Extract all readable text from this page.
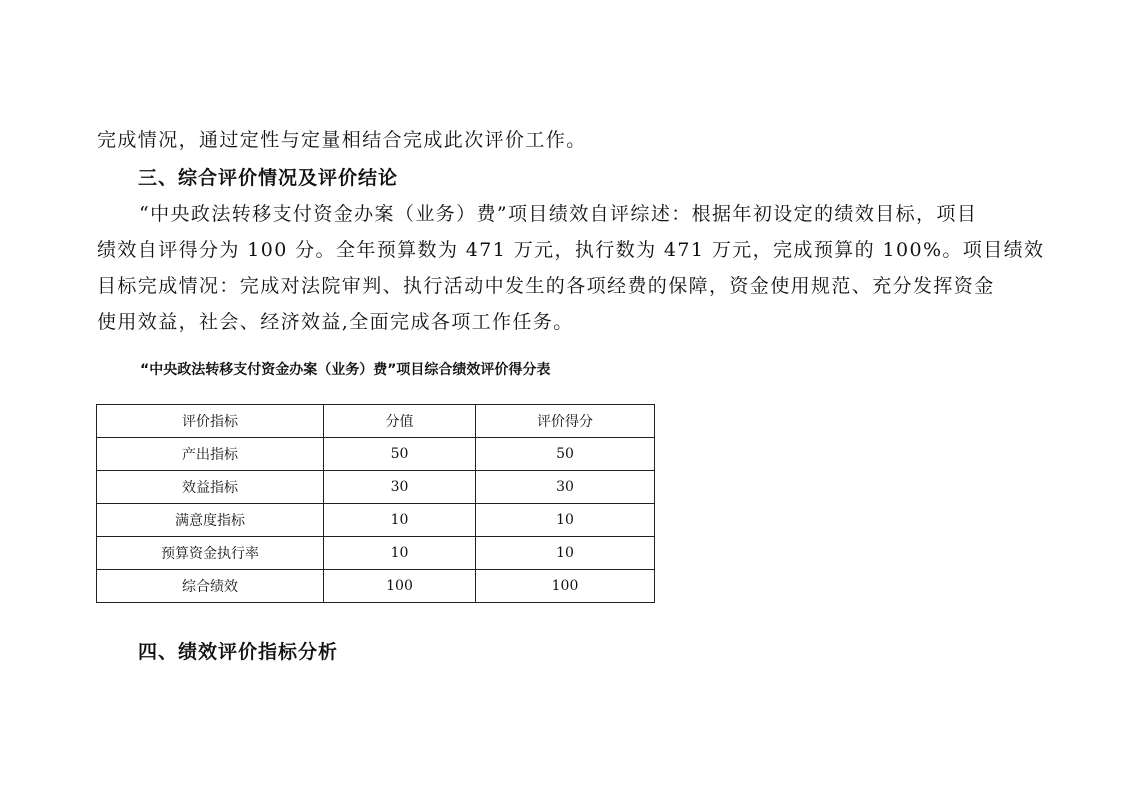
完成情况，通过定性与定量相结合完成此次评价工作。
三、综合评价情况及评价结论
“中央政法转移支付资金办案（业务）费”项目绩效自评综述：根据年初设定的绩效目标，项目
绩效自评得分为 100 分。全年预算数为 471 万元，执行数为 471 万元，完成预算的 100%。项目绩效
目标完成情况：完成对法院审判、执行活动中发生的各项经费的保障，资金使用规范、充分发挥资金
使用效益，社会、经济效益,全面完成各项工作任务。
“中央政法转移支付资金办案（业务）费”项目综合绩效评价得分表
评价指标	分值	评价得分
产出指标	50	50
效益指标	30	30
满意度指标	10	10
预算资金执行率	10	10
综合绩效	100	100
四、绩效评价指标分析
